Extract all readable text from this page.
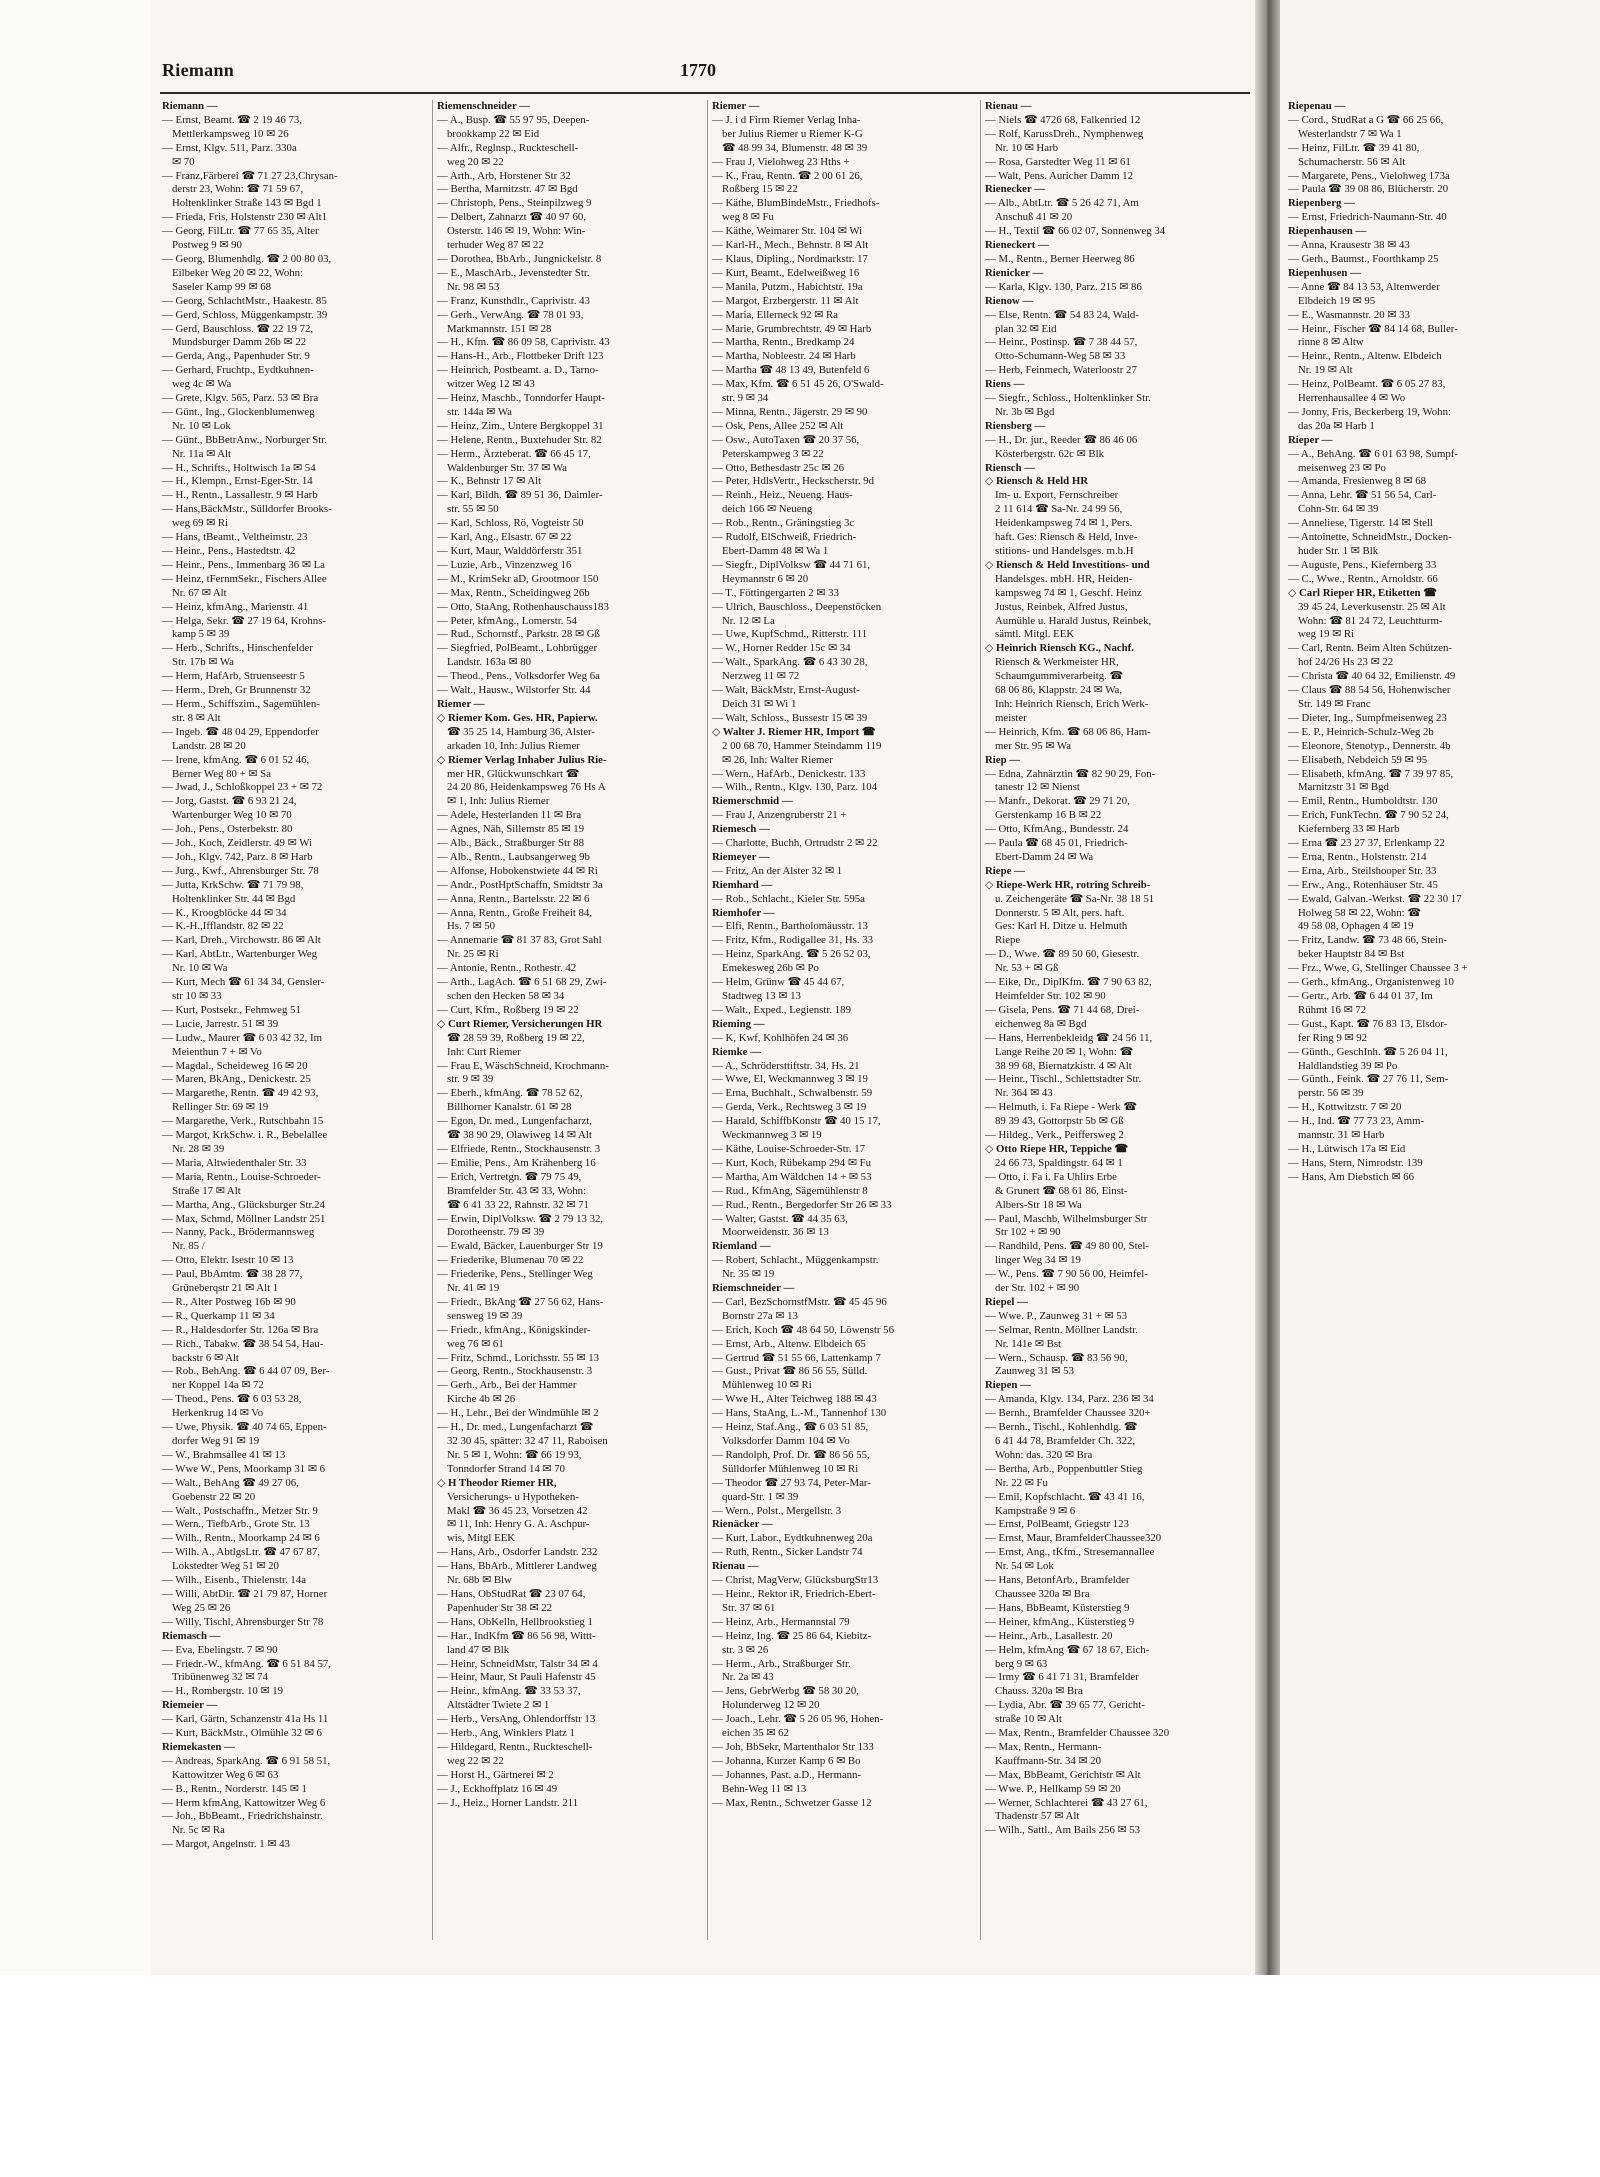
Riemann	1770
Riemann —
— Ernst, Beamt. ☎ 2 19 46 73,
Mettlerkampsweg 10 ✉ 26
— Ernst, Klgv. 511, Parz. 330a
✉ 70
— Franz,Färberei ☎ 71 27 23,Chrysan-
derstr 23, Wohn: ☎ 71 59 67,
Holtenklinker Straße 143 ✉ Bgd 1
— Frieda, Fris, Holstenstr 230 ✉ Alt1
— Georg, FilLtr. ☎ 77 65 35, Alter
Postweg 9 ✉ 90
— Georg, Blumenhdlg. ☎ 2 00 80 03,
Eilbeker Weg 20 ✉ 22, Wohn:
Saseler Kamp 99 ✉ 68
— Georg, SchlachtMstr., Haakestr. 85
— Gerd, Schloss, Müggenkampstr. 39
— Gerd, Bauschloss. ☎ 22 19 72,
Mundsburger Damm 26b ✉ 22
— Gerda, Ang., Papenhuder Str. 9
— Gerhard, Fruchtp., Eydtkuhnen-
weg 4c ✉ Wa
— Grete, Klgv. 565, Parz. 53 ✉ Bra
— Günt., Ing., Glockenblumenweg
Nr. 10 ✉ Lok
— Günt., BbBetrAnw., Norburger Str.
Nr. 11a ✉ Alt
— H., Schrifts., Holtwisch 1a ✉ 54
— H., Klempn., Ernst-Eger-Str. 14
— H., Rentn., Lassallestr. 9 ✉ Harb
— Hans,BäckMstr., Sülldorfer Brooks-
weg 69 ✉ Ri
— Hans, tBeamt., Veltheimstr. 23
— Heinr., Pens., Hastedtstr. 42
— Heinr., Pens., Immenbarg 36 ✉ La
— Heinz, tFernmSekr., Fischers Allee
Nr. 67 ✉ Alt
— Heinz, kfmAng., Marienstr. 41
— Helga, Sekr. ☎ 27 19 64, Krohns-
kamp 5 ✉ 39
— Herb., Schrifts., Hinschenfelder
Str. 17b ✉ Wa
— Herm, HafArb, Struenseestr 5
— Herm., Dreh, Gr Brunnenstr 32
— Herm., Schiffszim., Sagemühlen-
str. 8 ✉ Alt
— Ingeb. ☎ 48 04 29, Eppendorfer
Landstr. 28 ✉ 20
— Irene, kfmAng. ☎ 6 01 52 46,
Berner Weg 80 + ✉ Sa
— Jwad, J., Schloßkoppel 23 + ✉ 72
— Jorg, Gastst. ☎ 6 93 21 24,
Wartenburger Weg 10 ✉ 70
— Joh., Pens., Osterbekstr. 80
— Joh., Koch, Zeidlerstr. 49 ✉ Wi
— Joh., Klgv. 742, Parz. 8 ✉ Harb
— Jurg., Kwf., Ahrensburger Str. 78
— Jutta, KrkSchw. ☎ 71 79 98,
Holtenklinker Str. 44 ✉ Bgd
— K., Kroogblöcke 44 ✉ 34
— K.-H.,Ifflandstr. 82 ✉ 22
— Karl, Dreh., Virchowstr. 86 ✉ Alt
— Karl, AbtLtr., Wartenburger Weg
Nr. 10 ✉ Wa
— Kurt, Mech ☎ 61 34 34, Gensler-
str 10 ✉ 33
— Kurt, Postsekr., Fehmweg 51
— Lucie, Jarrestr. 51 ✉ 39
— Ludw., Maurer ☎ 6 03 42 32, Im
Meienthun 7 + ✉ Vo
— Magdal., Scheideweg 16 ✉ 20
— Maren, BkAng., Denickestr. 25
— Margarethe, Rentn. ☎ 49 42 93,
Rellinger Str. 69 ✉ 19
— Margarethe, Verk., Rutschbahn 15
— Margot, KrkSchw. i. R., Bebelallee
Nr. 28 ✉ 39
— Maria, Altwiedenthaler Str. 33
— Maria, Rentn., Louise-Schroeder-
Straße 17 ✉ Alt
— Martha, Ang., Glücksburger Str.24
— Max, Schmd, Möllner Landstr 251
— Nanny, Pack., Brödermannsweg
Nr. 85 /
— Otto, Elektr. Isestr 10 ✉ 13
— Paul, BbAmtm. ☎ 38 28 77,
Grüneberqstr 21 ✉ Alt 1
— R., Alter Postweg 16b ✉ 90
— R., Querkamp 11 ✉ 34
— R., Haldesdorfer Str. 126a ✉ Bra
— Rich., Tabakw. ☎ 38 54 54, Hau-
backstr 6 ✉ Alt
— Rob., BehAng. ☎ 6 44 07 09, Ber-
ner Koppel 14a ✉ 72
— Theod., Pens. ☎ 6 03 53 28,
Herkenkrug 14 ✉ Vo
— Uwe, Physik. ☎ 40 74 65, Eppen-
dorfer Weg 91 ✉ 19
— W., Brahmsallee 41 ✉ 13
— Wwe W., Pens, Moorkamp 31 ✉ 6
— Walt., BehAng ☎ 49 27 06,
Goebenstr 22 ✉ 20
— Walt., Postschaffn., Metzer Str. 9
— Wern., TiefbArb., Grote Str. 13
— Wilh., Rentn., Moorkamp 24 ✉ 6
— Wilh. A., AbtlgsLtr. ☎ 47 67 87,
Lokstedter Weg 51 ✉ 20
— Wilh., Eisenb., Thielenstr. 14a
— Willi, AbtDir. ☎ 21 79 87, Horner
Weg 25 ✉ 26
— Willy, Tischl, Ahrensburger Str 78
Riemasch —
— Eva, Ebelingstr. 7 ✉ 90
— Friedr.-W., kfmAng. ☎ 6 51 84 57,
Tribünenweg 32 ✉ 74
— H., Rombergstr. 10 ✉ 19
Riemeier —
— Karl, Gärtn, Schanzenstr 41a Hs 11
— Kurt, BäckMstr., Olmühle 32 ✉ 6
Riemekasten —
— Andreas, SparkAng. ☎ 6 91 58 51,
Kattowitzer Weg 6 ✉ 63
— B., Rentn., Norderstr. 145 ✉ 1
— Herm kfmAng, Kattowitzer Weg 6
— Joh., BbBeamt., Friedrichshainstr.
Nr. 5c ✉ Ra
— Margot, Angelnstr. 1 ✉ 43
Riemenschneider —
— A., Busp. ☎ 55 97 95, Deepen-
brookkamp 22 ✉ Eid
— Alfr., Reglnsp., Ruckteschell-
weg 20 ✉ 22
— Arth., Arb, Horstener Str 32
— Bertha, Marnitzstr. 47 ✉ Bgd
— Christoph, Pens., Steinpilzweg 9
— Delbert, Zahnarzt ☎ 40 97 60,
Osterstr. 146 ✉ 19, Wohn: Win-
terhuder Weg 87 ✉ 22
— Dorothea, BbArb., Jungnickelstr. 8
— E., MaschArb., Jevenstedter Str.
Nr. 98 ✉ 53
— Franz, Kunsthdlr., Caprivistr. 43
— Gerh., VerwAng. ☎ 78 01 93,
Markmannstr. 151 ✉ 28
— H., Kfm. ☎ 86 09 58, Caprivistr. 43
— Hans-H., Arb., Flottbeker Drift 123
— Heinrich, Postbeamt. a. D., Tarno-
witzer Weg 12 ✉ 43
— Heinz, Maschb., Tonndorfer Haupt-
str. 144a ✉ Wa
— Heinz, Zim., Untere Bergkoppel 31
— Helene, Rentn., Buxtehuder Str. 82
— Herm., Ärzteberat. ☎ 66 45 17,
Waldenburger Str. 37 ✉ Wa
— K., Behnstr 17 ✉ Alt
— Karl, Bildh. ☎ 89 51 36, Daimler-
str. 55 ✉ 50
— Karl, Schloss, Rö, Vogteistr 50
— Karl, Ang., Elsastr. 67 ✉ 22
— Kurt, Maur, Walddörferstr 351
— Luzie, Arb., Vinzenzweg 16
— M., KrimSekr aD, Grootmoor 150
— Max, Rentn., Scheidingweg 26b
— Otto, StaAng, Rothenhauschauss183
— Peter, kfmAng., Lomerstr. 54
— Rud., Schornstf., Parkstr. 28 ✉ Gß
— Siegfried, PolBeamt., Lohbrügger
Landstr. 163a ✉ 80
— Theod., Pens., Volksdorfer Weg 6a
— Walt., Hausw., Wilstorfer Str. 44
Riemer —
◇ Riemer Kom. Ges. HR, Papierw.
☎ 35 25 14, Hamburg 36, Alster-
arkaden 10, Inh: Julius Riemer
◇ Riemer Verlag Inhaber Julius Rie-
mer HR, Glückwunschkart ☎
24 20 86, Heidenkampsweg 76 Hs A
✉ 1, Inh: Julius Riemer
— Adele, Hesterlanden 11 ✉ Bra
— Agnes, Näh, Sillemstr 85 ✉ 19
— Alb., Bäck., Straßburger Str 88
— Alb., Rentn., Laubsangerweg 9b
— Alfonse, Hobokenstwiete 44 ✉ Ri
— Andr., PostHptSchaffn, Smidtstr 3a
— Anna, Rentn., Bartelsstr. 22 ✉ 6
— Anna, Rentn., Große Freiheit 84,
Hs. 7 ✉ 50
— Annemarie ☎ 81 37 83, Grot Sahl
Nr. 25 ✉ Ri
— Antonie, Rentn., Rothestr. 42
— Arth., LagAch. ☎ 6 51 68 29, Zwi-
schen den Hecken 58 ✉ 34
— Curt, Kfm., Roßberg 19 ✉ 22
◇ Curt Riemer, Versicherungen HR
☎ 28 59 39, Roßberg 19 ✉ 22,
Inh: Curt Riemer
— Frau E, WäschSchneid, Krochmann-
str. 9 ✉ 39
— Eberh., kfmAng. ☎ 78 52 62,
Billhorner Kanalstr. 61 ✉ 28
— Egon, Dr. med., Lungenfacharzt,
☎ 38 90 29, Olawiweg 14 ✉ Alt
— Elfriede, Rentn., Stockhausenstr. 3
— Emilie, Pens., Am Krähenberg 16
— Erich, Vertretgn. ☎ 79 75 49,
Bramfelder Str. 43 ✉ 33, Wohn:
☎ 6 41 33 22, Rahnstr. 32 ✉ 71
— Erwin, DiplVolksw. ☎ 2 79 13 32,
Dorotheenstr. 79 ✉ 39
— Ewald, Bäcker, Lauenburger Str 19
— Friederike, Blumenau 70 ✉ 22
— Friederike, Pens., Stellinger Weg
Nr. 41 ✉ 19
— Friedr., BkAng ☎ 27 56 62, Hans-
sensweg 19 ✉ 39
— Friedr., kfmAng., Königskinder-
weg 76 ✉ 61
— Fritz, Schmd., Lorichsstr. 55 ✉ 13
— Georg, Rentn., Stockhausenstr. 3
— Gerh., Arb., Bei der Hammer
Kirche 4b ✉ 26
— H., Lehr., Bei der Windmühle ✉ 2
— H., Dr. med., Lungenfacharzt ☎
32 30 45, spätter: 32 47 11, Raboisen
Nr. 5 ✉ 1, Wohn: ☎ 66 19 93,
Tonndorfer Strand 14 ✉ 70
◇ H Theodor Riemer HR,
Versicherungs- u Hypotheken-
Makl ☎ 36 45 23, Vorsetzen 42
✉ 11, Inh: Henry G. A. Aschpur-
wis, Mitgl EEK
— Hans, Arb., Osdorfer Landstr. 232
— Hans, BbArb., Mittlerer Landweg
Nr. 68b ✉ Blw
— Hans, ObStudRat ☎ 23 07 64,
Papenhuder Str 38 ✉ 22
— Hans, ObKelln, Hellbrookstieg 1
— Har., IndKfm ☎ 86 56 98, Wittt-
land 47 ✉ Blk
— Heinr, SchneidMstr, Talstr 34 ✉ 4
— Heinr, Maur, St Pauli Hafenstr 45
— Heinr., kfmAng. ☎ 33 53 37,
Altstädter Twiete 2 ✉ 1
— Herb., VersAng, Ohlendorffstr 13
— Herb., Ang, Winklers Platz 1
— Hildegard, Rentn., Ruckteschell-
weg 22 ✉ 22
— Horst H., Gärtnerei ✉ 2
— J., Eckhoffplatz 16 ✉ 49
— J., Heiz., Horner Landstr. 211
Riemer —
— J. i d Firm Riemer Verlag Inha-
ber Julius Riemer u Riemer K-G
☎ 48 99 34, Blumenstr. 48 ✉ 39
— Frau J, Vielohweg 23 Hths +
— K., Frau, Rentn. ☎ 2 00 61 26,
Roßberg 15 ✉ 22
— Käthe, BlumBindeMstr., Friedhofs-
weg 8 ✉ Fu
— Käthe, Weimarer Str. 104 ✉ Wi
— Karl-H., Mech., Behnstr. 8 ✉ Alt
— Klaus, Dipling., Nordmarkstr. 17
— Kurt, Beamt., Edelweißweg 16
— Manila, Putzm., Habichtstr. 19a
— Margot, Erzbergerstr. 11 ✉ Alt
— Maria, Ellerneck 92 ✉ Ra
— Marie, Grumbrechtstr. 49 ✉ Harb
— Martha, Rentn., Bredkamp 24
— Martha, Nobleestr. 24 ✉ Harb
— Martha ☎ 48 13 49, Butenfeld 6
— Max, Kfm. ☎ 6 51 45 26, O'Swald-
str. 9 ✉ 34
— Minna, Rentn., Jägerstr. 29 ✉ 90
— Osk, Pens, Allee 252 ✉ Alt
— Osw., AutoTaxen ☎ 20 37 56,
Peterskampweg 3 ✉ 22
— Otto, Bethesdastr 25c ✉ 26
— Peter, HdlsVertr., Heckscherstr. 9d
— Reinh., Heiz., Neueng. Haus-
deich 166 ✉ Neueng
— Rob., Rentn., Gräningstieg 3c
— Rudolf, ElSchweiß, Friedrich-
Ebert-Damm 48 ✉ Wa 1
— Siegfr., DiplVolksw ☎ 44 71 61,
Heymannstr 6 ✉ 20
— T., Föttingergarten 2 ✉ 33
— Ulrich, Bauschloss., Deepenstöcken
Nr. 12 ✉ La
— Uwe, KupfSchmd., Ritterstr. 111
— W., Horner Redder 15c ✉ 34
— Walt., SparkAng. ☎ 6 43 30 28,
Nerzweg 11 ✉ 72
— Walt, BäckMstr, Ernst-August-
Deich 31 ✉ Wi 1
— Walt, Schloss., Bussestr 15 ✉ 39
◇ Walter J. Riemer HR, Import ☎
2 00 68 70, Hammer Steindamm 119
✉ 26, Inh: Walter Riemer
— Wern., HafArb., Denickestr. 133
— Wilh., Rentn., Klgv. 130, Parz. 104
Riemerschmid —
— Frau J, Anzengruberstr 21 +
Riemesch —
— Charlotte, Buchh, Ortrudstr 2 ✉ 22
Riemeyer —
— Fritz, An der Alster 32 ✉ 1
Riemhard —
— Rob., Schlacht., Kieler Str. 595a
Riemhofer —
— Elfi, Rentn., Bartholomäusstr. 13
— Fritz, Kfm., Rodigallee 31, Hs. 33
— Heinz, SparkAng. ☎ 5 26 52 03,
Emekesweg 26b ✉ Po
— Helm, Grünw ☎ 45 44 67,
Stadtweg 13 ✉ 13
— Walt., Exped., Legienstr. 189
Rieming —
— K, Kwf, Kohlhöfen 24 ✉ 36
Riemke —
— A., Schrödersttiftstr. 34, Hs. 21
— Wwe, El, Weckmannweg 3 ✉ 19
— Erna, Buchhalt., Schwalbenstr. 59
— Gerda, Verk., Rechtsweg 3 ✉ 19
— Harald, SchiffbKonstr ☎ 40 15 17,
Weckmannweg 3 ✉ 19
— Käthe, Louise-Schroeder-Str. 17
— Kurt, Koch, Rübekamp 294 ✉ Fu
— Martha, Am Wäldchen 14 + ✉ 53
— Rud., KfmAng, Sägemühlenstr 8
— Rud., Rentn., Bergedorfer Str 26 ✉ 33
— Walter, Gastst. ☎ 44 35 63,
Moorweidenstr. 36 ✉ 13
Riemland —
— Robert, Schlacht., Müggenkampstr.
Nr. 35 ✉ 19
Riemschneider —
— Carl, BezSchornstfMstr. ☎ 45 45 96
Bornstr 27a ✉ 13
— Erich, Koch ☎ 48 64 50, Löwenstr 56
— Ernst, Arb., Altenw. Elbdeich 65
— Gertrud ☎ 51 55 66, Lattenkamp 7
— Gust., Privat ☎ 86 56 55, Sülld.
Mühlenweg 10 ✉ Ri
— Wwe H., Alter Teichweg 188 ✉ 43
— Hans, StaAng, L.-M., Tannenhof 130
— Heinz, Staf.Ang., ☎ 6 03 51 85,
Volksdorfer Damm 104 ✉ Vo
— Randolph, Prof. Dr. ☎ 86 56 55,
Sülldorfer Mühlenweg 10 ✉ Ri
— Theodor ☎ 27 93 74, Peter-Mar-
quard-Str. 1 ✉ 39
— Wern., Polst., Mergellstr. 3
Rienäcker —
— Kurt, Labor., Eydtkuhnenweg 20a
— Ruth, Rentn., Sicker Landstr 74
Rienau —
— Christ, MagVerw, GlücksburgStr13
— Heinr., Rektor iR, Friedrich-Ebert-
Str. 37 ✉ 61
— Heinz, Arb., Hermannstal 79
— Heinz, Ing. ☎ 25 86 64, Kiebitz-
str. 3 ✉ 26
— Herm., Arb., Straßburger Str.
Nr. 2a ✉ 43
— Jens, GebrWerbg ☎ 58 30 20,
Holunderweg 12 ✉ 20
— Joach., Lehr. ☎ 5 26 05 96, Hohen-
eichen 35 ✉ 62
— Joh, BbSekr, Martenthalor Str 133
— Johanna, Kurzer Kamp 6 ✉ Bo
— Johannes, Past. a.D., Hermann-
Behn-Weg 11 ✉ 13
— Max, Rentn., Schwetzer Gasse 12
Rienau —
— Niels ☎ 4726 68, Falkenried 12
— Rolf, KarussDreh., Nymphenweg
Nr. 10 ✉ Harb
— Rosa, Garstedter Weg 11 ✉ 61
— Walt, Pens. Auricher Damm 12
Rienecker —
— Alb., AbtLtr. ☎ 5 26 42 71, Am
Anschuß 41 ✉ 20
— H., Textil ☎ 66 02 07, Sonnenweg 34
Rieneckert —
— M., Rentn., Berner Heerweg 86
Rienicker —
— Karla, Klgv. 130, Parz. 215 ✉ 86
Rienow —
— Else, Rentn. ☎ 54 83 24, Wald-
plan 32 ✉ Eid
— Heinr., Postinsp. ☎ 7 38 44 57,
Otto-Schumann-Weg 58 ✉ 33
— Herb, Feinmech, Waterloostr 27
Riens —
— Siegfr., Schloss., Holtenklinker Str.
Nr. 3b ✉ Bgd
Riensberg —
— H., Dr. jur., Reeder ☎ 86 46 06
Kösterbergstr. 62c ✉ Blk
Riensch —
◇ Riensch & Held HR
Im- u. Export, Fernschreiber
2 11 614 ☎ Sa-Nr. 24 99 56,
Heidenkampsweg 74 ✉ 1, Pers.
haft. Ges: Riensch & Held, Inve-
stitions- und Handelsges. m.b.H
◇ Riensch & Held Investitions- und
Handelsges. mbH. HR, Heiden-
kampsweg 74 ✉ 1, Geschf. Heinz
Justus, Reinbek, Alfred Justus,
Aumühle u. Harald Justus, Reinbek,
sämtl. Mitgl. EEK
◇ Heinrich Riensch KG., Nachf.
Riensch & Werkmeister HR,
Schaumgummiverarbeitg. ☎
68 06 86, Klappstr. 24 ✉ Wa,
Inh: Heinrich Riensch, Erich Werk-
meister
— Heinrich, Kfm. ☎ 68 06 86, Ham-
mer Str. 95 ✉ Wa
Riep —
— Edna, Zahnärztin ☎ 82 90 29, Fon-
tanestr 12 ✉ Nienst
— Manfr., Dekorat. ☎ 29 71 20,
Gerstenkamp 16 B ✉ 22
— Otto, KfmAng., Bundesstr. 24
— Paula ☎ 68 45 01, Friedrich-
Ebert-Damm 24 ✉ Wa
Riepe —
◇ Riepe-Werk HR, rotring Schreib-
u. Zeichengeräte ☎ Sa-Nr. 38 18 51
Donnerstr. 5 ✉ Alt, pers. haft.
Ges: Karl H. Ditze u. Helmuth
Riepe
— D., Wwe. ☎ 89 50 60, Giesestr.
Nr. 53 + ✉ Gß
— Eike, Dr., DiplKfm. ☎ 7 90 63 82,
Heimfelder Str. 102 ✉ 90
— Gisela, Pens. ☎ 71 44 68, Drei-
eichenweg 8a ✉ Bgd
— Hans, Herrenbekleidg ☎ 24 56 11,
Lange Reihe 20 ✉ 1, Wohn: ☎
38 99 68, Biernatzkistr. 4 ✉ Alt
— Heinr., Tischl., Schlettstadter Str.
Nr. 364 ✉ 43
— Helmuth, i. Fa Riepe - Werk ☎
89 39 43, Gottorpstr 5b ✉ Gß
— Hildeg., Verk., Peiffersweg 2
◇ Otto Riepe HR, Teppiche ☎
24 66 73, Spaldingstr. 64 ✉ 1
— Otto, i. Fa i. Fa Uhlirs Erbe
& Grunert ☎ 68 61 86, Einst-
Albers-Str 18 ✉ Wa
— Paul, Maschb, Wilhelmsburger Str
Str 102 + ✉ 90
— Randhild, Pens. ☎ 49 80 00, Stel-
linger Weg 34 ✉ 19
— W., Pens. ☎ 7 90 56 00, Heimfel-
der Str. 102 + ✉ 90
Riepel —
— Wwe. P., Zaunweg 31 + ✉ 53
— Selmar, Rentn. Möllner Landstr.
Nr. 141e ✉ Bst
— Wern., Schausp. ☎ 83 56 90,
Zaunweg 31 ✉ 53
Riepen —
— Amanda, Klgv. 134, Parz. 236 ✉ 34
— Bernh., Bramfelder Chaussee 320+
— Bernh., Tischl., Kohlenhdlg. ☎
6 41 44 78, Bramfelder Ch. 322,
Wohn: das. 320 ✉ Bra
— Bertha, Arb., Poppenbuttler Stieg
Nr. 22 ✉ Fu
— Emil, Kopfschlacht. ☎ 43 41 16,
Kampstraße 9 ✉ 6
— Ernst, PolBeamt, Griegstr 123
— Ernst, Maur, BramfelderChaussee320
— Ernst, Ang., tKfm., Stresemannallee
Nr. 54 ✉ Lok
— Hans, BetonfArb., Bramfelder
Chaussee 320a ✉ Bra
— Hans, BbBeamt, Küsterstieg 9
— Heiner, kfmAng., Küsterstieg 9
— Heinr., Arb., Lasallestr. 20
— Helm, kfmAng ☎ 67 18 67, Eich-
berg 9 ✉ 63
— Irmy ☎ 6 41 71 31, Bramfelder
Chauss. 320a ✉ Bra
— Lydia, Abr. ☎ 39 65 77, Gericht-
straße 10 ✉ Alt
— Max, Rentn., Bramfelder Chaussee 320
— Max, Rentn., Hermann-
Kauffmann-Str. 34 ✉ 20
— Max, BbBeamt, Gerichtstr ✉ Alt
— Wwe. P., Hellkamp 59 ✉ 20
— Werner, Schlachterei ☎ 43 27 61,
Thadenstr 57 ✉ Alt
— Wilh., Sattl., Am Bails 256 ✉ 53
Riepenau —
— Cord., StudRat a G ☎ 66 25 66,
Westerlandstr 7 ✉ Wa 1
— Heinz, FilLtr. ☎ 39 41 80,
Schumacherstr. 56 ✉ Alt
— Margarete, Pens., Vielohweg 173a
— Paula ☎ 39 08 86, Blücherstr. 20
Riepenberg —
— Ernst, Friedrich-Naumann-Str. 40
Riepenhausen —
— Anna, Krausestr 38 ✉ 43
— Gerh., Baumst., Foorthkamp 25
Riepenhusen —
— Anne ☎ 84 13 53, Altenwerder
Elbdeich 19 ✉ 95
— E., Wasmannstr. 20 ✉ 33
— Heinr., Fischer ☎ 84 14 68, Buller-
rinne 8 ✉ Altw
— Heinr., Rentn., Altenw. Elbdeich
Nr. 19 ✉ Alt
— Heinz, PolBeamt. ☎ 6 05 27 83,
Herrenhausallee 4 ✉ Wo
— Jonny, Fris, Beckerberg 19, Wohn:
das 20a ✉ Harb 1
Rieper —
— A., BehAng. ☎ 6 01 63 98, Sumpf-
meisenweg 23 ✉ Po
— Amanda, Fresienweg 8 ✉ 68
— Anna, Lehr. ☎ 51 56 54, Carl-
Cohn-Str. 64 ✉ 39
— Anneliese, Tigerstr. 14 ✉ Stell
— Antoinette, SchneidMstr., Docken-
huder Str. 1 ✉ Blk
— Auguste, Pens., Kiefernberg 33
— C., Wwe., Rentn., Arnoldstr. 66
◇ Carl Rieper HR, Etiketten ☎
39 45 24, Leverkusenstr. 25 ✉ Alt
Wohn: ☎ 81 24 72, Leuchtturm-
weg 19 ✉ Ri
— Carl, Rentn. Beim Alten Schützen-
hof 24/26 Hs 23 ✉ 22
— Christa ☎ 40 64 32, Emilienstr. 49
— Claus ☎ 88 54 56, Hohenwischer
Str. 149 ✉ Franc
— Dieter, Ing., Sumpfmeisenweg 23
— E. P., Heinrich-Schulz-Weg 2b
— Eleonore, Stenotyp., Dennerstr. 4b
— Elisabeth, Nebdeich 59 ✉ 95
— Elisabeth, kfmAng. ☎ 7 39 97 85,
Marnitzstr 31 ✉ Bgd
— Emil, Rentn., Humboldtstr. 130
— Erich, FunkTechn. ☎ 7 90 52 24,
Kiefernberg 33 ✉ Harb
— Erna ☎ 23 27 37, Erlenkamp 22
— Erna, Rentn., Holstenstr. 214
— Erna, Arb., Steilshooper Str. 33
— Erw., Ang., Rotenhäuser Str. 45
— Ewald, Galvan.-Werkst. ☎ 22 30 17
Holweg 58 ✉ 22, Wohn: ☎
49 58 08, Ophagen 4 ✉ 19
— Fritz, Landw. ☎ 73 48 66, Stein-
beker Hauptstr 84 ✉ Bst
— Frz., Wwe, G, Stellinger Chaussee 3 +
— Gerh., kfmAng., Organistenweg 10
— Gertr., Arb. ☎ 6 44 01 37, Im
Rühmt 16 ✉ 72
— Gust., Kapt. ☎ 76 83 13, Elsdor-
fer Ring 9 ✉ 92
— Günth., GeschInh. ☎ 5 26 04 11,
Haldlandstieg 39 ✉ Po
— Günth., Feink. ☎ 27 76 11, Sem-
perstr. 56 ✉ 39
— H., Kottwitzstr. 7 ✉ 20
— H., Ind. ☎ 77 73 23, Amm-
mannstr. 31 ✉ Harb
— H., Lütwisch 17a ✉ Eid
— Hans, Stern, Nimrodstr. 139
— Hans, Am Diebstich ✉ 66
